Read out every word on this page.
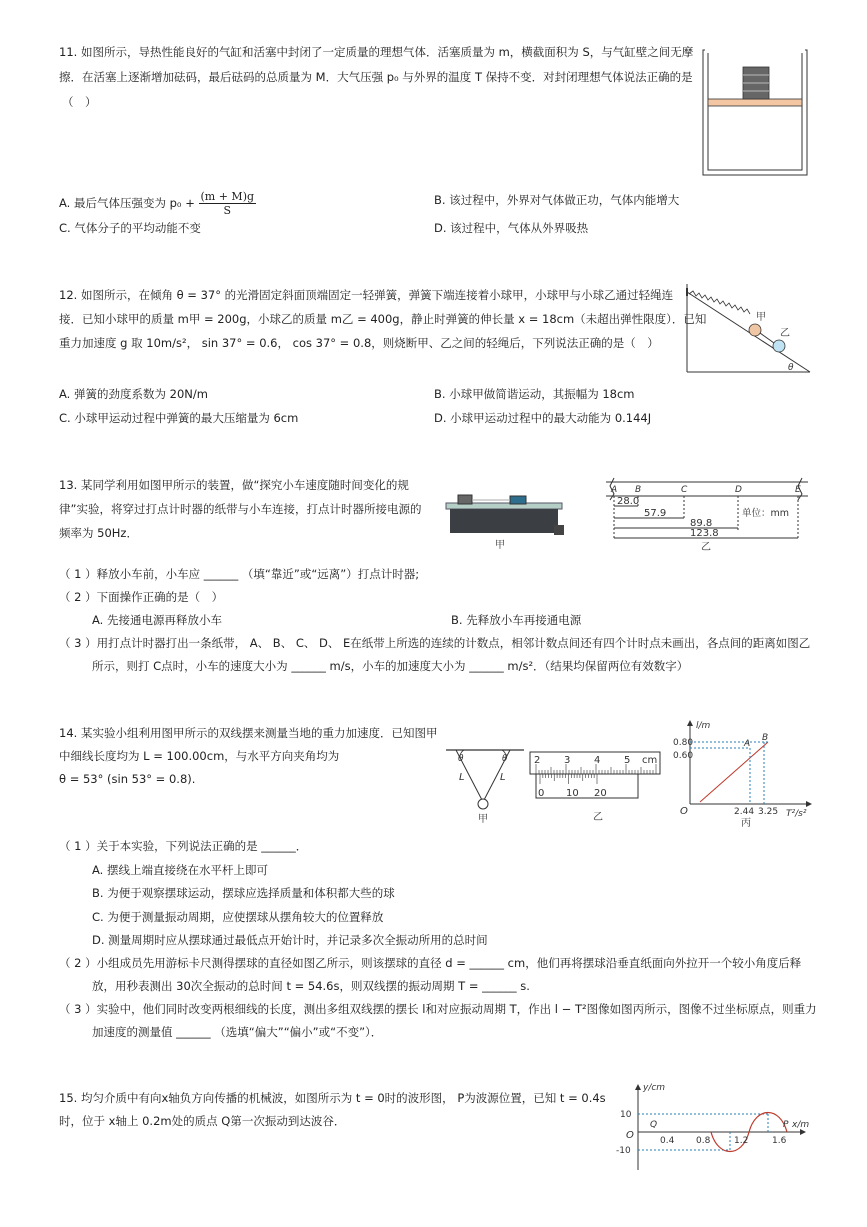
11. 如图所示，导热性能良好的气缸和活塞中封闭了一定质量的理想气体．活塞质量为 m，横截面积为 S，与气缸壁之间无摩
擦．在活塞上逐渐增加砝码，最后砝码的总质量为 M．大气压强 p₀ 与外界的温度 T 保持不变．对封闭理想气体说法正确的是
（　）
A. 最后气体压强变为 $p_0 + \frac{(m + M)g}{S}$	B. 该过程中，外界对气体做正功，气体内能增大
C. 气体分子的平均动能不变	D. 该过程中，气体从外界吸热
12. 如图所示，在倾角 θ = 37° 的光滑固定斜面顶端固定一轻弹簧，弹簧下端连接着小球甲，小球甲与小球乙通过轻绳连
接．已知小球甲的质量 m甲 = 200g，小球乙的质量 m乙 = 400g，静止时弹簧的伸长量 x = 18cm（未超出弹性限度）．已知
重力加速度 g 取 10m/s²， sin 37° = 0.6， cos 37° = 0.8，则烧断甲、乙之间的轻绳后，下列说法正确的是（　）
甲
乙
θ
A. 弹簧的劲度系数为 20N/m	B. 小球甲做简谐运动，其振幅为 18cm
C. 小球甲运动过程中弹簧的最大压缩量为 6cm	D. 小球甲运动过程中的最大动能为 0.144J
13. 某同学利用如图甲所示的装置，做“探究小车速度随时间变化的规
律”实验，将穿过打点计时器的纸带与小车连接，打点计时器所接电源的
频率为 50Hz．
甲
A B	C	D	E
28.0
57.9
89.8
123.8
单位：mm
乙
（ 1 ）释放小车前，小车应 ______ （填“靠近”或“远离”）打点计时器;
（ 2 ）下面操作正确的是（　）
A. 先接通电源再释放小车	B. 先释放小车再接通电源
（ 3 ）用打点计时器打出一条纸带， A、 B、 C、 D、 E在纸带上所选的连续的计数点，相邻计数点间还有四个计时点未画出，各点间的距离如图乙
所示，则打 C点时，小车的速度大小为 ______ m/s，小车的加速度大小为 ______ m/s²．（结果均保留两位有效数字）
14. 某实验小组利用图甲所示的双线摆来测量当地的重力加速度．已知图甲
中细线长度均为 L = 100.00cm，与水平方向夹角均为
θ = 53° (sin 53° = 0.8).
θ	θ
L	L
甲
2 3 4 5 cm
0 10 20
乙
l/m
T²/s²
O
0.80
0.60
2.44 3.25
A
B
丙
（ 1 ）关于本实验，下列说法正确的是 ______．
A. 摆线上端直接绕在水平杆上即可
B. 为便于观察摆球运动，摆球应选择质量和体积都大些的球
C. 为便于测量振动周期，应使摆球从摆角较大的位置释放
D. 测量周期时应从摆球通过最低点开始计时，并记录多次全振动所用的总时间
（ 2 ）小组成员先用游标卡尺测得摆球的直径如图乙所示，则该摆球的直径 d = ______ cm，他们再将摆球沿垂直纸面向外拉开一个较小角度后释
放，用秒表测出 30次全振动的总时间 t = 54.6s，则双线摆的振动周期 T = ______ s.
（ 3 ）实验中，他们同时改变两根细线的长度，测出多组双线摆的摆长 l和对应振动周期 T，作出 l − T²图像如图丙所示，图像不过坐标原点，则重力
加速度的测量值 ______ （选填“偏大”“偏小”或“不变”）．
15. 均匀介质中有向x轴负方向传播的机械波，如图所示为 t = 0时的波形图， P为波源位置，已知 t = 0.4s
时，位于 x轴上 0.2m处的质点 Q第一次振动到达波谷．
y/cm
x/m
10
-10
O	0.4 0.8	1.2	1.6
Q	P
